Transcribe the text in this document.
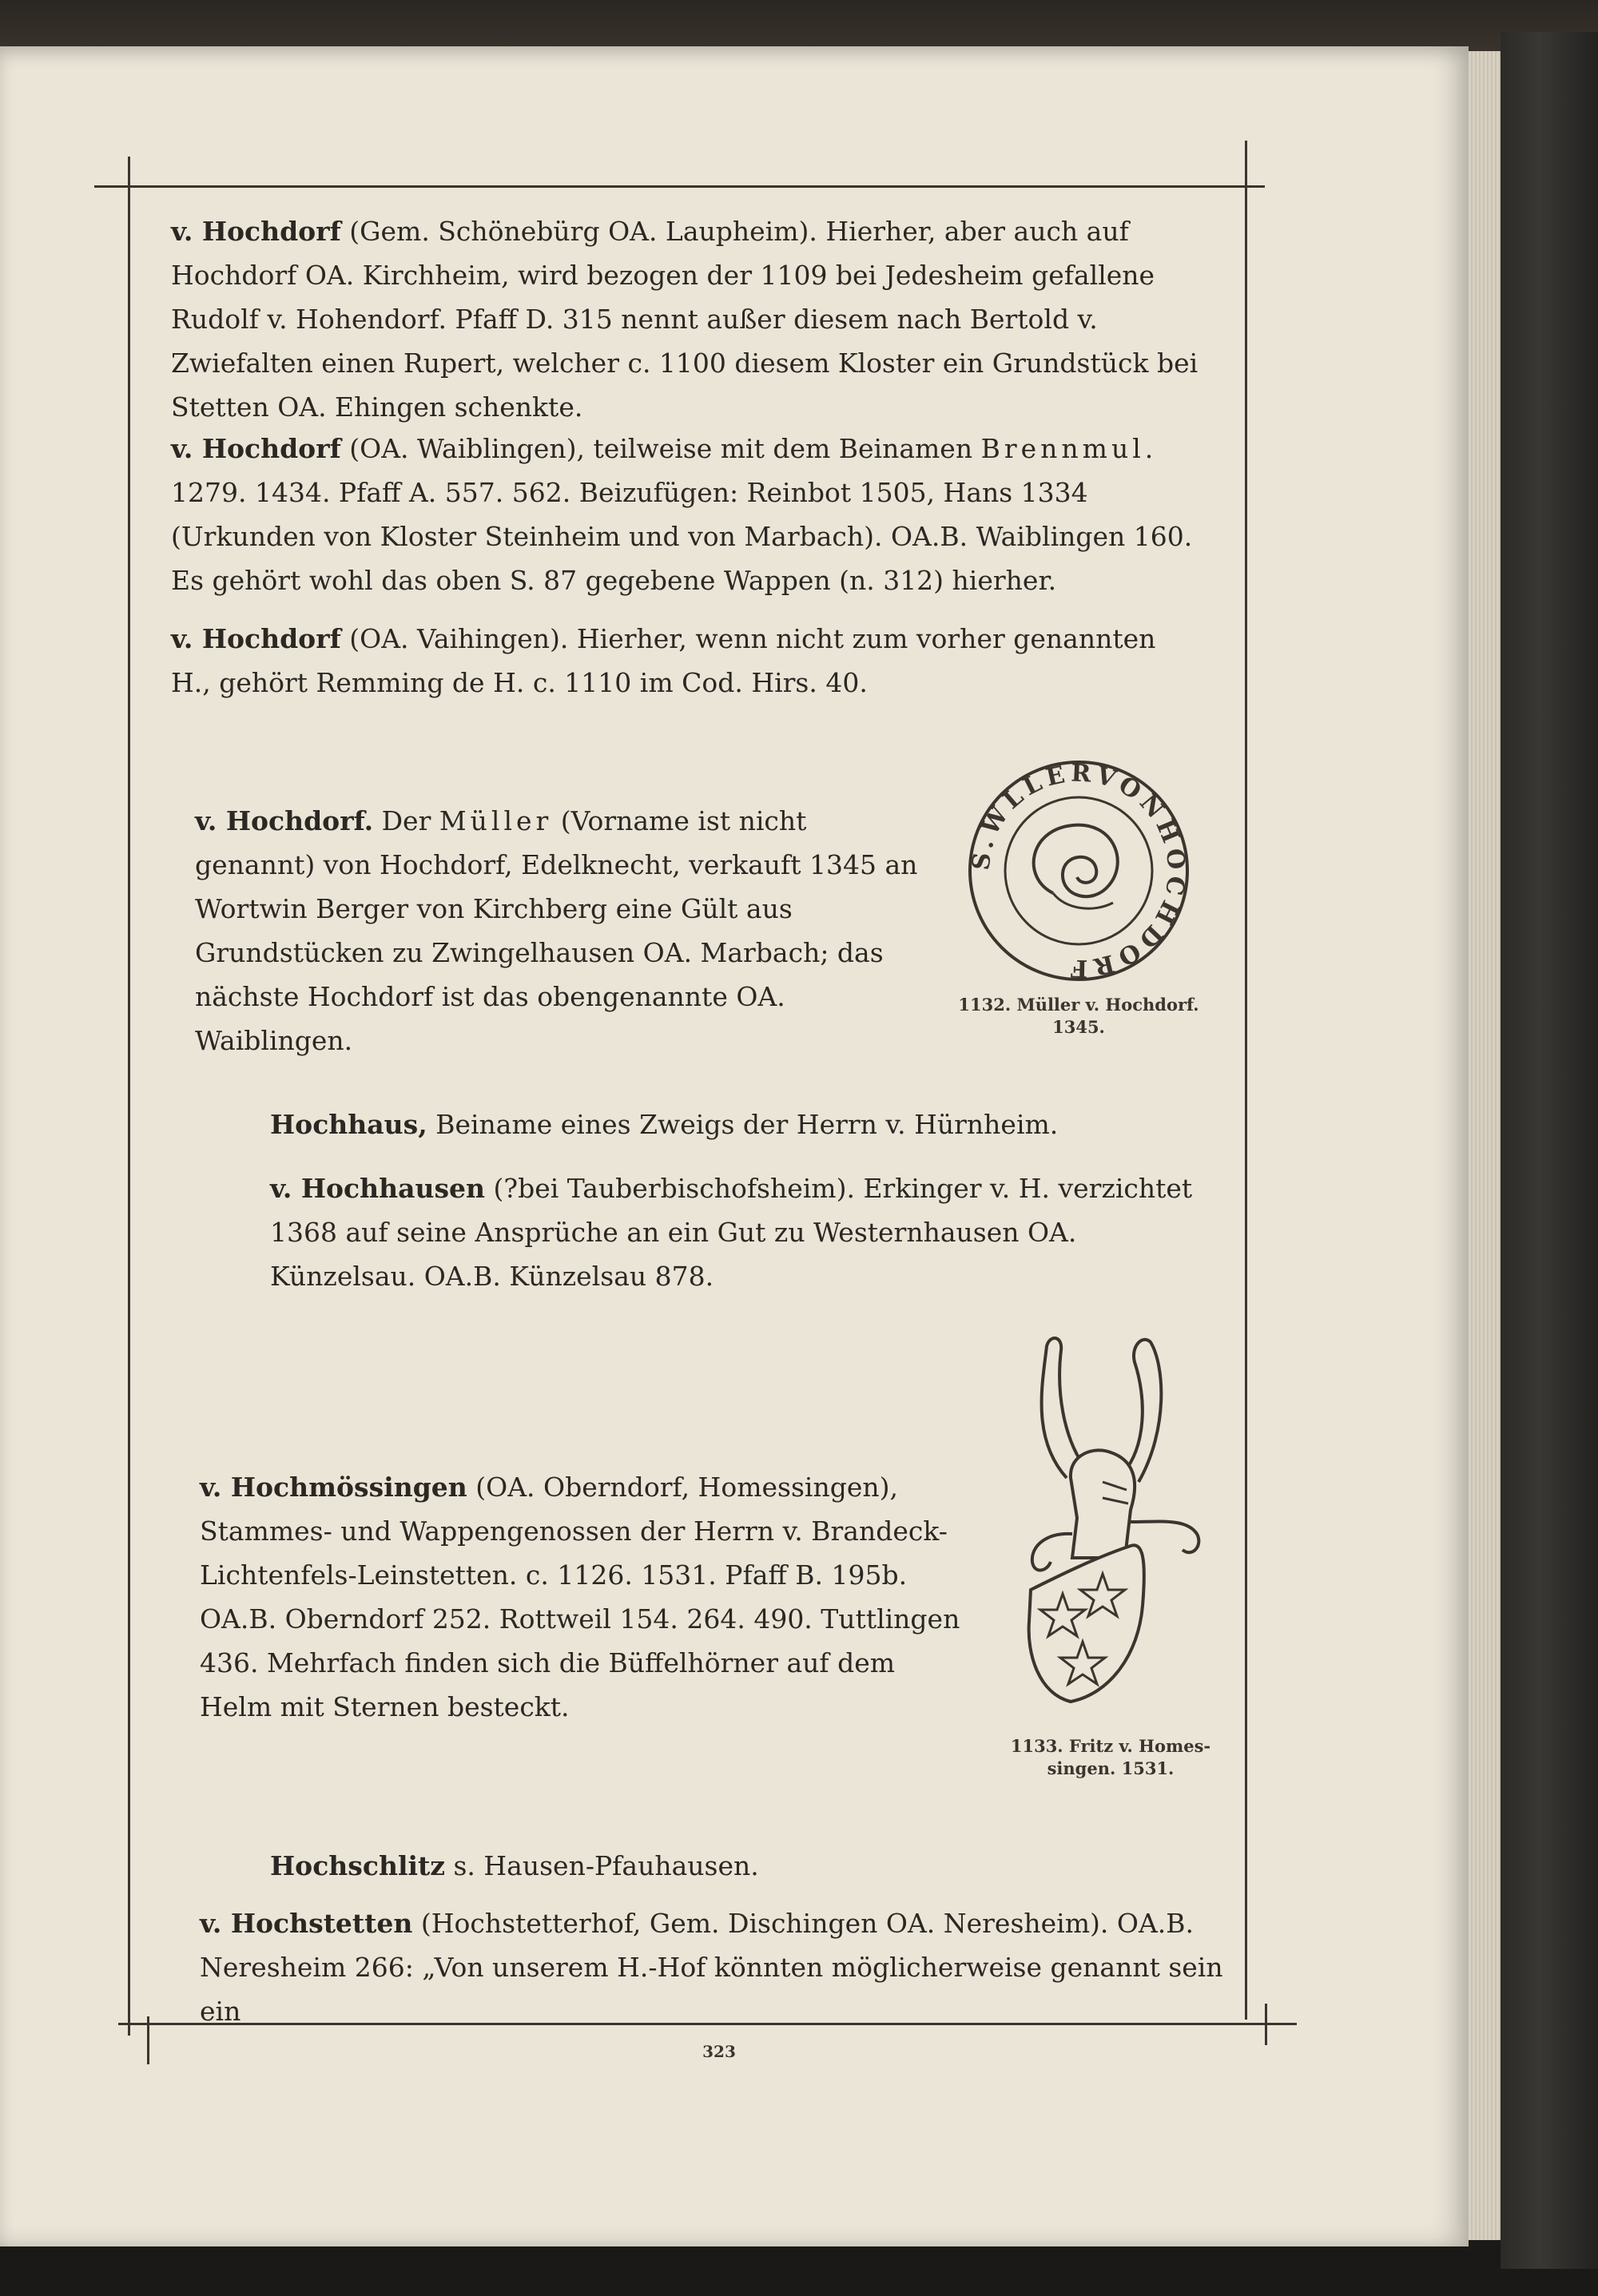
v. Hochdorf (Gem. Schönebürg OA. Laupheim). Hierher, aber auch auf Hochdorf OA. Kirchheim, wird bezogen der 1109 bei Jedesheim gefallene Rudolf v. Hohendorf. Pfaff D. 315 nennt außer diesem nach Bertold v. Zwiefalten einen Rupert, welcher c. 1100 diesem Kloster ein Grundstück bei Stetten OA. Ehingen schenkte.

v. Hochdorf (OA. Waiblingen), teilweise mit dem Beinamen Brennmul. 1279. 1434. Pfaff A. 557. 562. Beizufügen: Reinbot 1505, Hans 1334 (Urkunden von Kloster Steinheim und von Marbach). OA.B. Waiblingen 160. Es gehört wohl das oben S. 87 gegebene Wappen (n. 312) hierher.

v. Hochdorf (OA. Vaihingen). Hierher, wenn nicht zum vorher genannten H., gehört Remming de H. c. 1110 im Cod. Hirs. 40.

v. Hochdorf. Der Müller (Vorname ist nicht genannt) von Hochdorf, Edelknecht, verkauft 1345 an Wortwin Berger von Kirchberg eine Gült aus Grundstücken zu Zwingelhausen OA. Marbach; das nächste Hochdorf ist das obengenannte OA. Waiblingen.

S.WLLERVONHOCHDORF
1132. Müller v. Hochdorf.
1345.

Hochhaus, Beiname eines Zweigs der Herrn v. Hürnheim.

v. Hochhausen (?bei Tauberbischofsheim). Erkinger v. H. verzichtet 1368 auf seine Ansprüche an ein Gut zu Westernhausen OA. Künzelsau. OA.B. Künzelsau 878.

v. Hochmössingen (OA. Oberndorf, Homessingen), Stammes- und Wappengenossen der Herrn v. Brandeck-Lichtenfels-Leinstetten. c. 1126. 1531. Pfaff B. 195b. OA.B. Oberndorf 252. Rottweil 154. 264. 490. Tuttlingen 436. Mehrfach finden sich die Büffelhörner auf dem Helm mit Sternen besteckt.

1133. Fritz v. Homes-
singen. 1531.

Hochschlitz s. Hausen-Pfauhausen.

v. Hochstetten (Hochstetterhof, Gem. Dischingen OA. Neresheim). OA.B. Neresheim 266: „Von unserem H.-Hof könnten möglicherweise genannt sein ein

323
